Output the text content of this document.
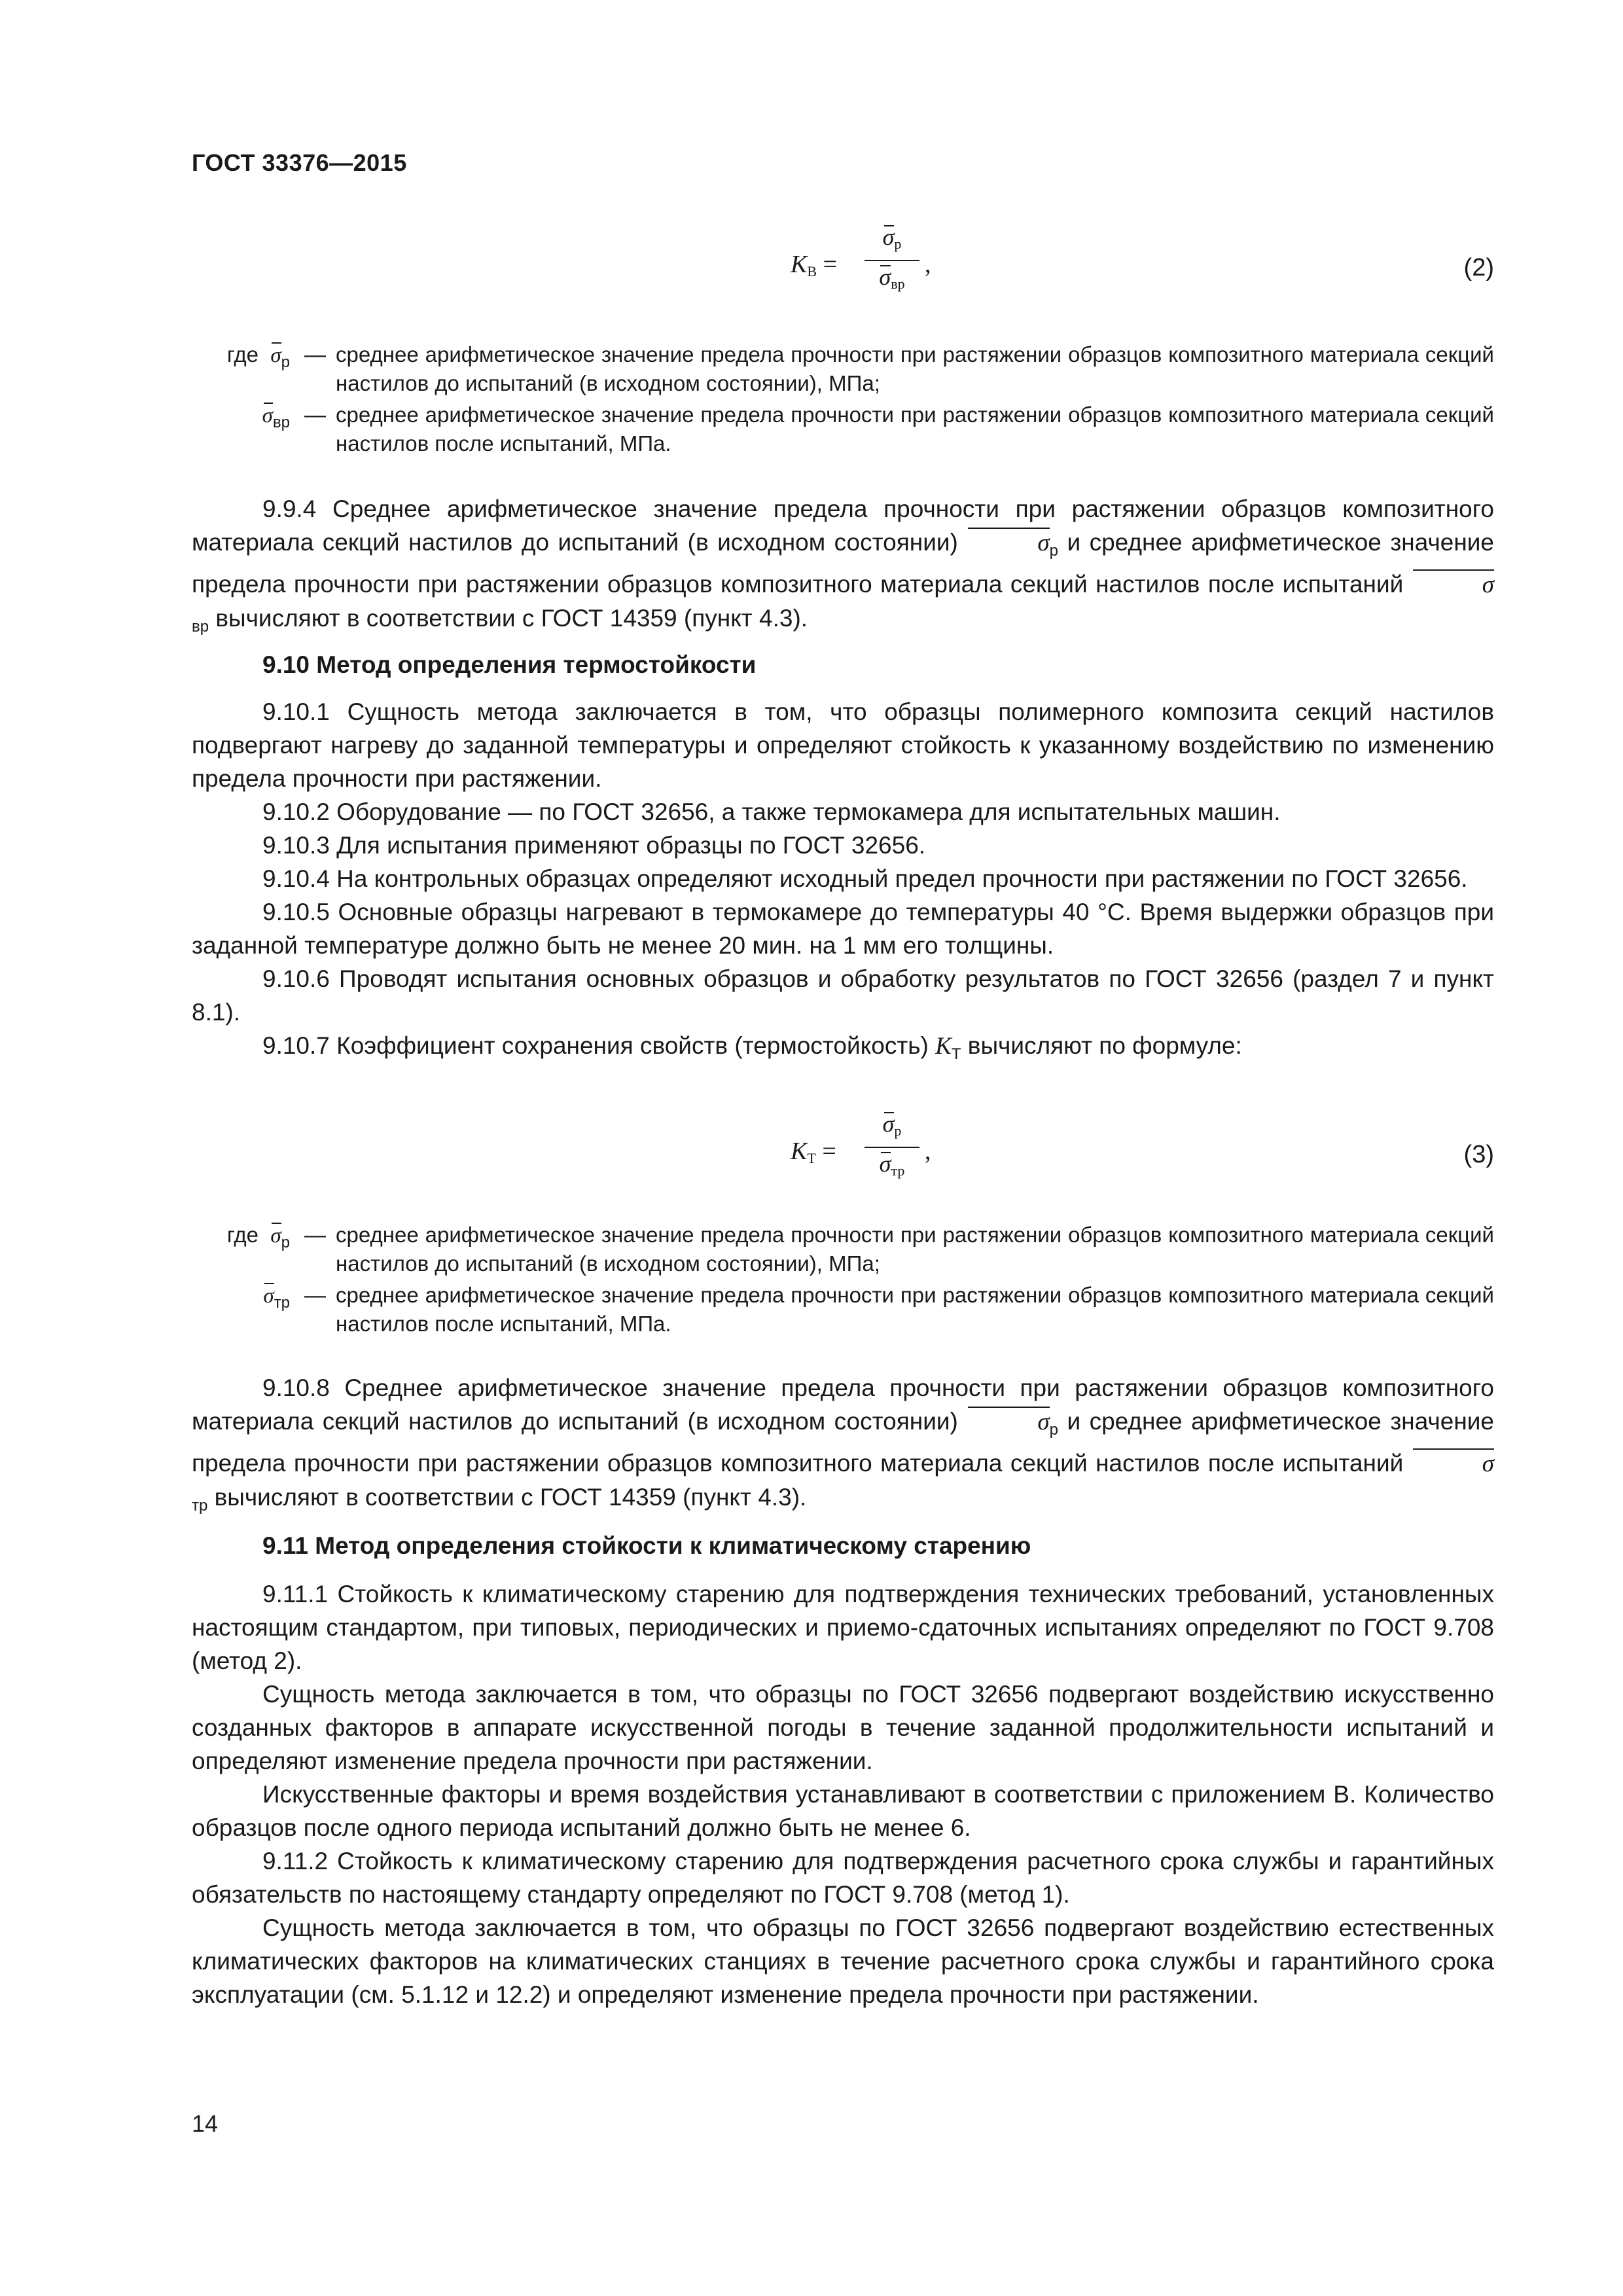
ГОСТ 33376—2015
KВ =
σр
σвр
,	(2)
где $\sigma_р$ — среднее арифметическое значение предела прочности при растяжении образцов композитного материала секций настилов до испытаний (в исходном состоянии), МПа;
$\sigma_{вр}$ — среднее арифметическое значение предела прочности при растяжении образцов композитного материала секций настилов после испытаний, МПа.

9.9.4 Среднее арифметическое значение предела прочности при растяжении образцов композитного материала секций настилов до испытаний (в исходном состоянии)	$\sigma_р$ и среднее арифметическое значение предела прочности при растяжении образцов композитного материала секций настилов после испытаний	$\sigma_{вр}$ вычисляют в соответствии с ГОСТ 14359 (пункт 4.3).

9.10 Метод определения термостойкости

9.10.1 Сущность метода заключается в том, что образцы полимерного композита секций настилов подвергают нагреву до заданной температуры и определяют стойкость к указанному воздействию по изменению предела прочности при растяжении.

9.10.2 Оборудование — по ГОСТ 32656, а также термокамера для испытательных машин.

9.10.3 Для испытания применяют образцы по ГОСТ 32656.

9.10.4 На контрольных образцах определяют исходный предел прочности при растяжении по ГОСТ 32656.

9.10.5 Основные образцы нагревают в термокамере до температуры 40 °С. Время выдержки образцов при заданной температуре должно быть не менее 20 мин. на 1 мм его толщины.

9.10.6 Проводят испытания основных образцов и обработку результатов по ГОСТ 32656 (раздел 7 и пункт 8.1).

9.10.7 Коэффициент сохранения свойств (термостойкость) $K_Т$ вычисляют по формуле:

KТ =
σр
σтр
,	(3)
где $\sigma_р$ — среднее арифметическое значение предела прочности при растяжении образцов композитного материала секций настилов до испытаний (в исходном состоянии), МПа;
$\sigma_{тр}$ — среднее арифметическое значение предела прочности при растяжении образцов композитного материала секций настилов после испытаний, МПа.

9.10.8 Среднее арифметическое значение предела прочности при растяжении образцов композитного материала секций настилов до испытаний (в исходном состоянии)	$\sigma_р$ и среднее арифметическое значение предела прочности при растяжении образцов композитного материала секций настилов после испытаний	$\sigma_{тр}$ вычисляют в соответствии с ГОСТ 14359 (пункт 4.3).

9.11 Метод определения стойкости к климатическому старению

9.11.1 Стойкость к климатическому старению для подтверждения технических требований, установленных настоящим стандартом, при типовых, периодических и приемо-сдаточных испытаниях определяют по ГОСТ 9.708 (метод 2).

Сущность метода заключается в том, что образцы по ГОСТ 32656 подвергают воздействию искусственно созданных факторов в аппарате искусственной погоды в течение заданной продолжительности испытаний и определяют изменение предела прочности при растяжении.

Искусственные факторы и время воздействия устанавливают в соответствии с приложением В. Количество образцов после одного периода испытаний должно быть не менее 6.

9.11.2 Стойкость к климатическому старению для подтверждения расчетного срока службы и гарантийных обязательств по настоящему стандарту определяют по ГОСТ 9.708 (метод 1).

Сущность метода заключается в том, что образцы по ГОСТ 32656 подвергают воздействию естественных климатических факторов на климатических станциях в течение расчетного срока службы и гарантийного срока эксплуатации (см. 5.1.12 и 12.2) и определяют изменение предела прочности при растяжении.

14
